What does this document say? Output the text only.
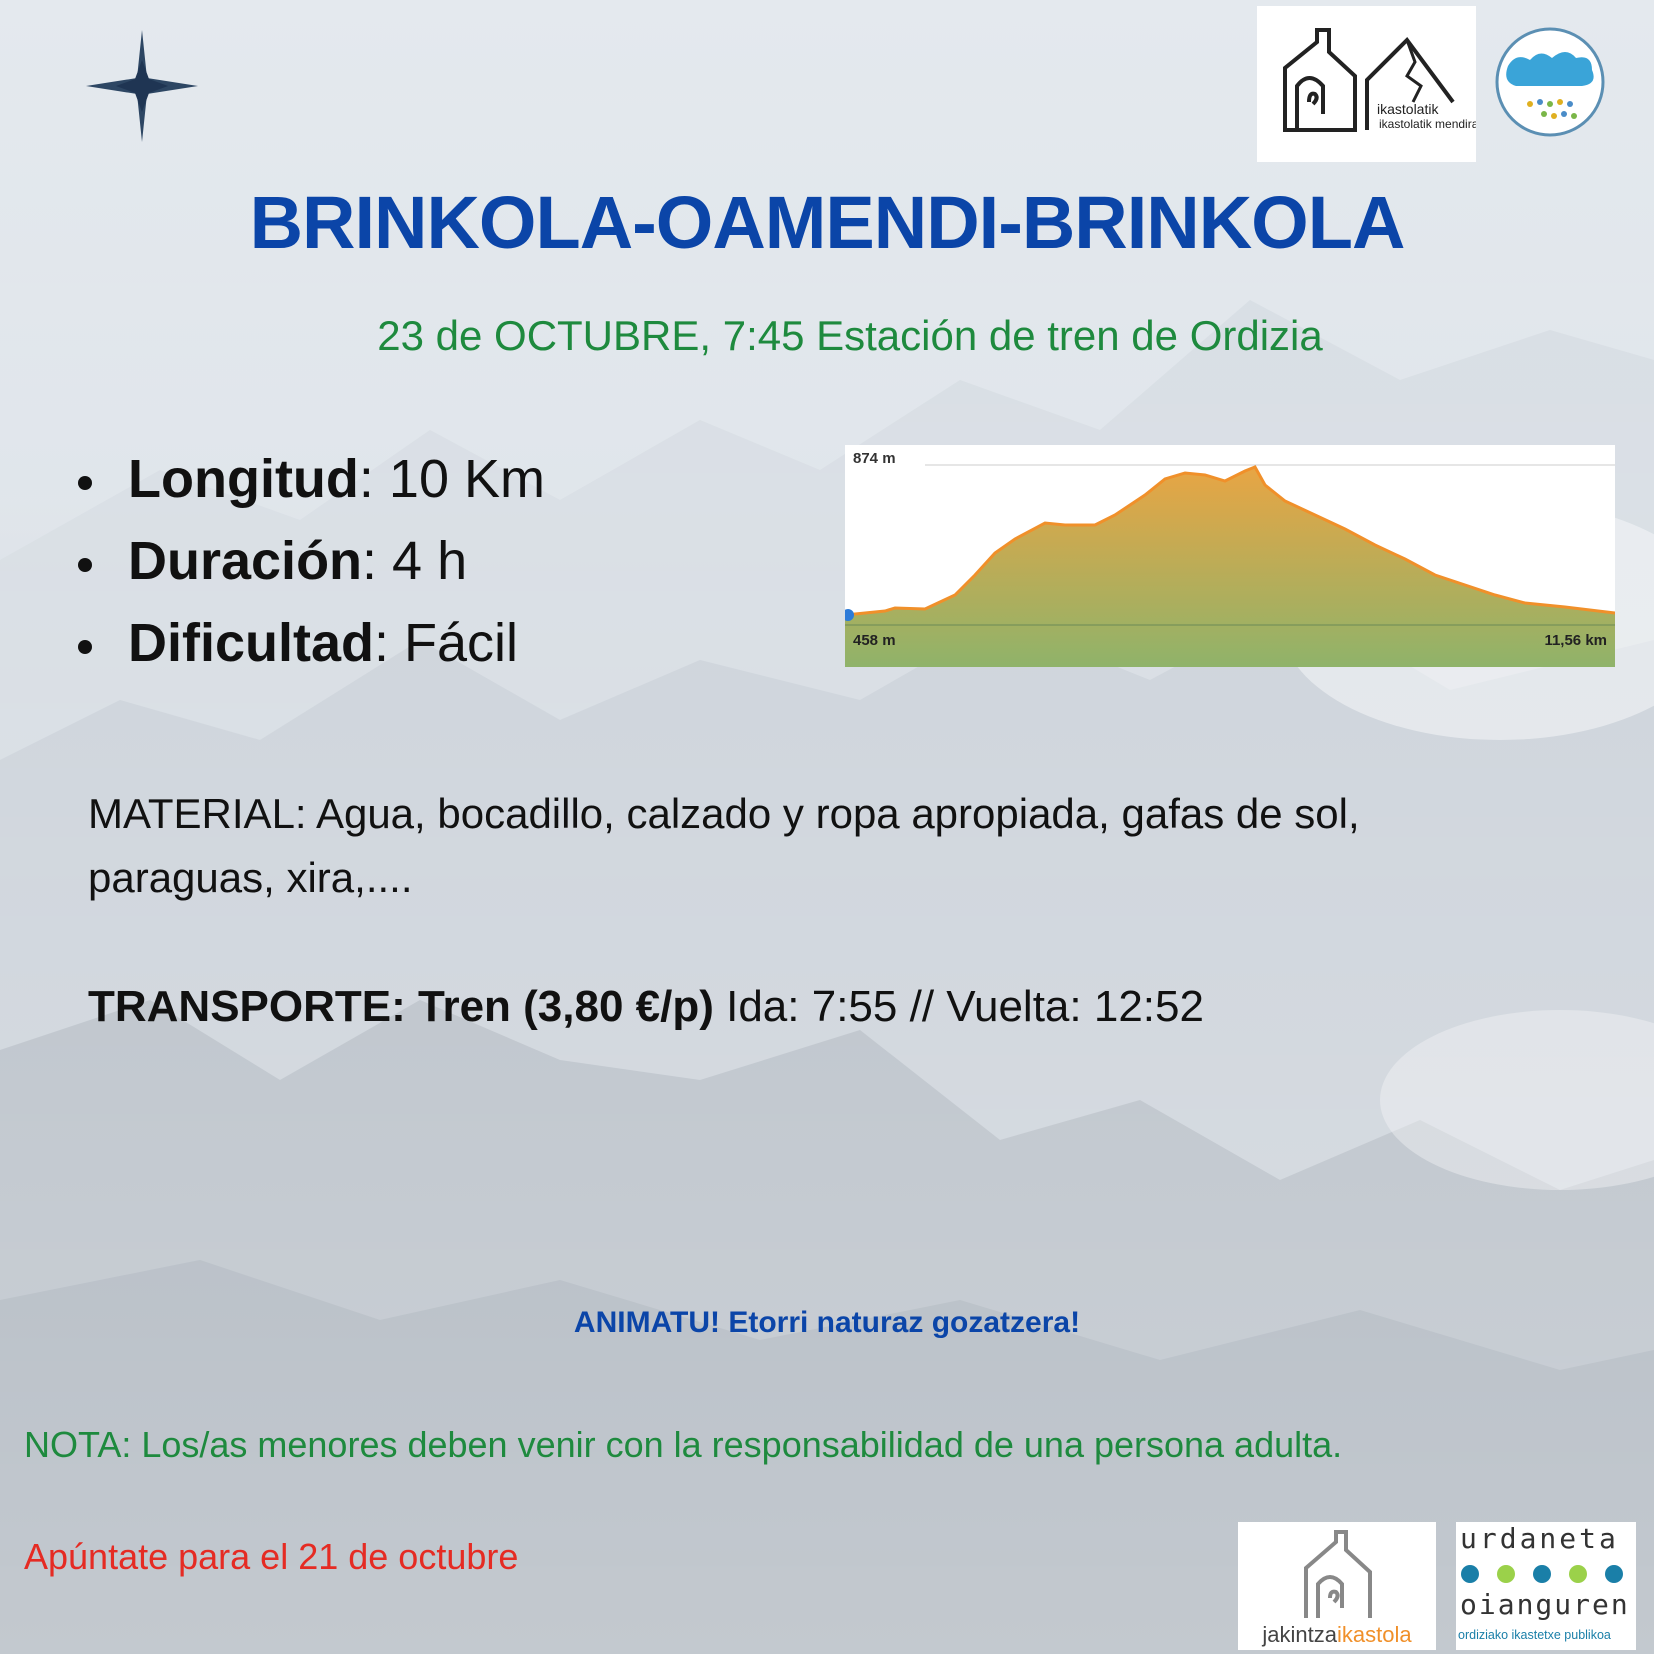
ikastolatik
ikastolatik mendira.
BRINKOLA-OAMENDI-BRINKOLA
23 de OCTUBRE, 7:45 Estación de tren de Ordizia
Longitud: 10 Km
Duración: 4 h
Dificultad: Fácil
874 m
458 m	11,56 km
MATERIAL: Agua, bocadillo, calzado y ropa apropiada, gafas de sol, paraguas, xira,....
TRANSPORTE: Tren (3,80 €/p) Ida: 7:55 // Vuelta: 12:52
ANIMATU! Etorri naturaz gozatzera!
NOTA: Los/as menores deben venir con la responsabilidad de una persona adulta.
Apúntate para el 21 de octubre
jakintzaikastola
urdaneta
oianguren
ordiziako ikastetxe publikoa
